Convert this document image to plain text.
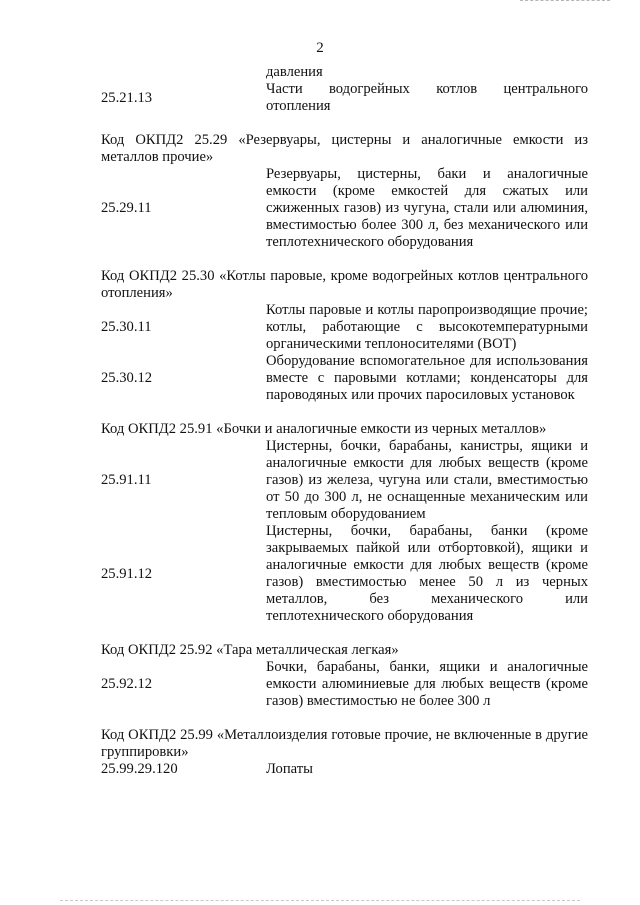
2
давления
25.21.13
Части водогрейных котлов центрального отопления
Код ОКПД2 25.29 «Резервуары, цистерны и аналогичные емкости из металлов прочие»
25.29.11
Резервуары, цистерны, баки и аналогичные емкости (кроме емкостей для сжатых или сжиженных газов) из чугуна, стали или алюминия, вместимостью более 300 л, без механического или теплотехнического оборудования
Код ОКПД2 25.30 «Котлы паровые, кроме водогрейных котлов центрального отопления»
25.30.11
Котлы паровые и котлы паропроизводящие прочие; котлы, работающие с высокотемпературными органическими теплоносителями (ВОТ)
25.30.12
Оборудование вспомогательное для использования вместе с паровыми котлами; конденсаторы для пароводяных или прочих паросиловых установок
Код ОКПД2 25.91 «Бочки и аналогичные емкости из черных металлов»
25.91.11
Цистерны, бочки, барабаны, канистры, ящики и аналогичные емкости для любых веществ (кроме газов) из железа, чугуна или стали, вместимостью от 50 до 300 л, не оснащенные механическим или тепловым оборудованием
25.91.12
Цистерны, бочки, барабаны, банки (кроме закрываемых пайкой или отбортовкой), ящики и аналогичные емкости для любых веществ (кроме газов) вместимостью менее 50 л из черных металлов, без механического или теплотехнического оборудования
Код ОКПД2 25.92 «Тара металлическая легкая»
25.92.12
Бочки, барабаны, банки, ящики и аналогичные емкости алюминиевые для любых веществ (кроме газов) вместимостью не более 300 л
Код ОКПД2 25.99 «Металлоизделия готовые прочие, не включенные в другие группировки»
25.99.29.120	Лопаты
